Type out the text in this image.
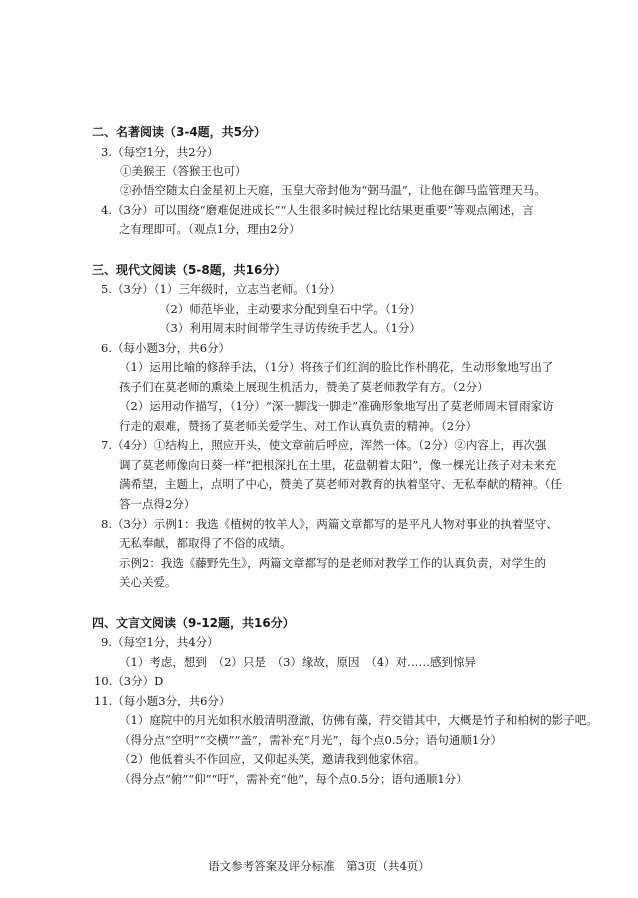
二、名著阅读（3-4题，共5分）
3.（每空1分，共2分）
①美猴王（答猴王也可）
②孙悟空随太白金星初上天庭，玉皇大帝封他为“弼马温”，让他在御马监管理天马。
4.（3分）可以围绕“磨难促进成长”“人生很多时候过程比结果更重要”等观点阐述，言
之有理即可。（观点1分，理由2分）
三、现代文阅读（5-8题，共16分）
5.（3分）（1）三年级时，立志当老师。（1分）
（2）师范毕业，主动要求分配到皇石中学。（1分）
（3）利用周末时间带学生寻访传统手艺人。（1分）
6.（每小题3分，共6分）
（1）运用比喻的修辞手法，（1分）将孩子们红润的脸比作朴鹃花，生动形象地写出了
孩子们在莫老师的熏染上展现生机活力，赞美了莫老师教学有方。（2分）
（2）运用动作描写，（1分）“深一脚浅一脚走”准确形象地写出了莫老师周末冒雨家访
行走的艰难，赞扬了莫老师关爱学生、对工作认真负责的精神。（2分）
7.（4分）①结构上，照应开头，使文章前后呼应，浑然一体。（2分）②内容上，再次强
调了莫老师像向日葵一样“把根深扎在土里，花盘朝着太阳”，像一棵光让孩子对未来充
满希望，主题上，点明了中心，赞美了莫老师对教育的执着坚守、无私奉献的精神。（任
答一点得2分）
8.（3分）示例1：我选《植树的牧羊人》，两篇文章都写的是平凡人物对事业的执着坚守、
无私奉献，都取得了不俗的成绩。
示例2：我选《藤野先生》，两篇文章都写的是老师对教学工作的认真负责，对学生的
关心关爱。
四、文言文阅读（9-12题，共16分）
9.（每空1分，共4分）
（1）考虑，想到　（2）只是　（3）缘故，原因　（4）对……感到惊异
10.（3分）D
11.（每小题3分，共6分）
（1）庭院中的月光如积水般清明澄澈，仿佛有藻，荇交错其中，大概是竹子和柏树的影子吧。
（得分点“空明”“交横”“盖”，需补充“月光”，每个点0.5分；语句通顺1分）
（2）他低着头不作回应，又仰起头笑，邀请我到他家休宿。
（得分点“俯”“仰”“吁”，需补充“他”，每个点0.5分；语句通顺1分）
语文参考答案及评分标准　第3页（共4页）
